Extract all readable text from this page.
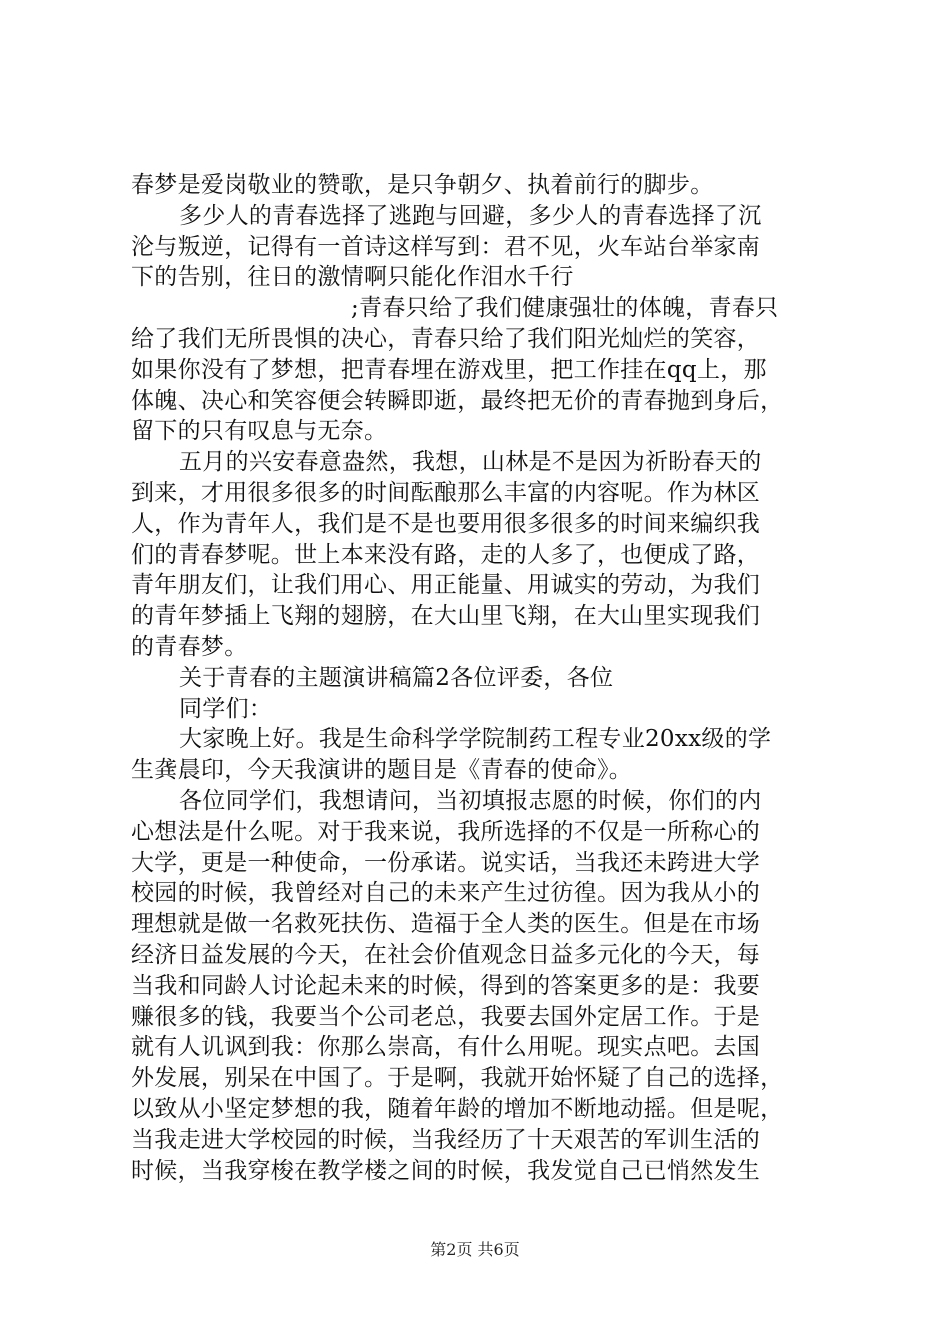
春梦是爱岗敬业的赞歌，是只争朝夕、执着前行的脚步。
多少人的青春选择了逃跑与回避，多少人的青春选择了沉
沦与叛逆，记得有一首诗这样写到：君不见，火车站台举家南
下的告别，往日的激情啊只能化作泪水千行
;青春只给了我们健康强壮的体魄，青春只
给了我们无所畏惧的决心，青春只给了我们阳光灿烂的笑容，
如果你没有了梦想，把青春埋在游戏里，把工作挂在qq上，那
体魄、决心和笑容便会转瞬即逝，最终把无价的青春抛到身后，
留下的只有叹息与无奈。
五月的兴安春意盎然，我想，山林是不是因为祈盼春天的
到来，才用很多很多的时间酝酿那么丰富的内容呢。作为林区
人，作为青年人，我们是不是也要用很多很多的时间来编织我
们的青春梦呢。世上本来没有路，走的人多了，也便成了路，
青年朋友们，让我们用心、用正能量、用诚实的劳动，为我们
的青年梦插上飞翔的翅膀，在大山里飞翔，在大山里实现我们
的青春梦。
关于青春的主题演讲稿篇2各位评委，各位
同学们：
大家晚上好。我是生命科学学院制药工程专业20xx级的学
生龚晨印，今天我演讲的题目是《青春的使命》。
各位同学们，我想请问，当初填报志愿的时候，你们的内
心想法是什么呢。对于我来说，我所选择的不仅是一所称心的
大学，更是一种使命，一份承诺。说实话，当我还未跨进大学
校园的时候，我曾经对自己的未来产生过彷徨。因为我从小的
理想就是做一名救死扶伤、造福于全人类的医生。但是在市场
经济日益发展的今天，在社会价值观念日益多元化的今天，每
当我和同龄人讨论起未来的时候，得到的答案更多的是：我要
赚很多的钱，我要当个公司老总，我要去国外定居工作。于是
就有人讥讽到我：你那么崇高，有什么用呢。现实点吧。去国
外发展，别呆在中国了。于是啊，我就开始怀疑了自己的选择，
以致从小坚定梦想的我，随着年龄的增加不断地动摇。但是呢，
当我走进大学校园的时候，当我经历了十天艰苦的军训生活的
时候，当我穿梭在教学楼之间的时候，我发觉自己已悄然发生
第2页 共6页
